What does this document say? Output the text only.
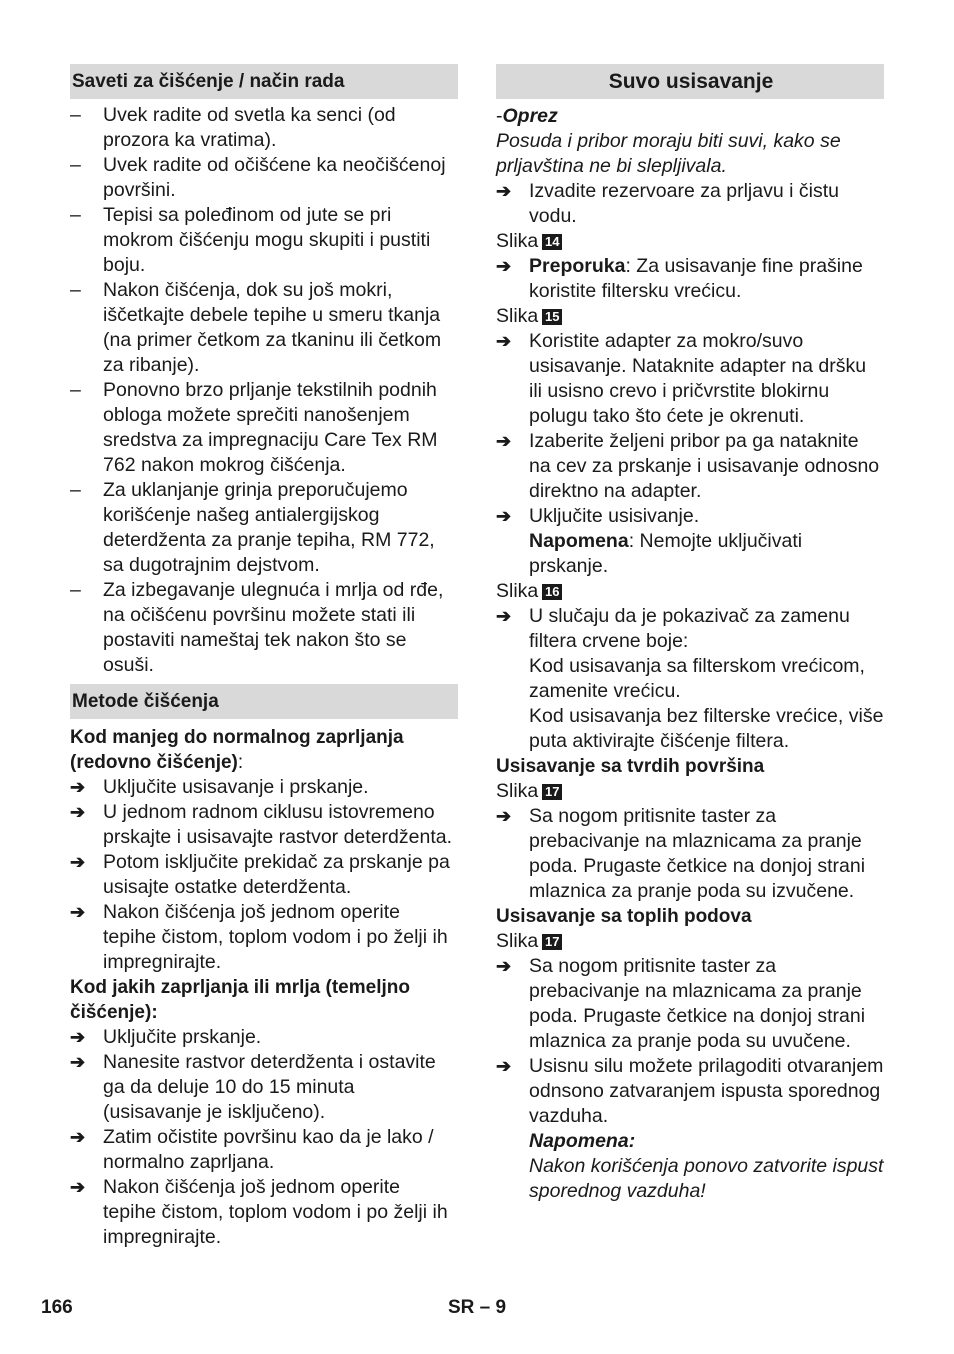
Saveti za čišćenje / način rada
–	Uvek radite od svetla ka senci (od prozora ka vratima).
–	Uvek radite od očišćene ka neočišćenoj površini.
–	Tepisi sa poleđinom od jute se pri mokrom čišćenju mogu skupiti i pustiti boju.
–	Nakon čišćenja, dok su još mokri, iščetkajte debele tepihe u smeru tkanja (na primer četkom za tkaninu ili četkom za ribanje).
–	Ponovno brzo prljanje tekstilnih podnih obloga možete sprečiti nanošenjem sredstva za impregnaciju Care Tex RM 762 nakon mokrog čišćenja.
–	Za uklanjanje grinja preporučujemo korišćenje našeg antialergijskog deterdženta za pranje tepiha, RM 772, sa dugotrajnim dejstvom.
–	Za izbegavanje ulegnuća i mrlja od rđe, na očišćenu površinu možete stati ili postaviti nameštaj tek nakon što se osuši.
Metode čišćenja
Kod manjeg do normalnog zaprljanja (redovno čišćenje):
➔ Uključite usisavanje i prskanje.
➔ U jednom radnom ciklusu istovremeno prskajte i usisavajte rastvor deterdženta.
➔ Potom isključite prekidač za prskanje pa usisajte ostatke deterdženta.
➔ Nakon čišćenja još jednom operite tepihe čistom, toplom vodom i po želji ih impregnirajte.
Kod jakih zaprljanja ili mrlja (temeljno čišćenje):
➔ Uključite prskanje.
➔ Nanesite rastvor deterdženta i ostavite ga da deluje 10 do 15 minuta (usisavanje je isključeno).
➔ Zatim očistite površinu kao da je lako / normalno zaprljana.
➔ Nakon čišćenja još jednom operite tepihe čistom, toplom vodom i po želji ih impregnirajte.
Suvo usisavanje
-Oprez
Posuda i pribor moraju biti suvi, kako se prljavština ne bi slepljivala.
➔ Izvadite rezervoare za prljavu i čistu vodu.
Slika 14
➔ Preporuka: Za usisavanje fine prašine koristite filtersku vrećicu.
Slika 15
➔ Koristite adapter za mokro/suvo usisavanje. Nataknite adapter na dršku ili usisno crevo i pričvrstite blokirnu polugu tako što ćete je okrenuti.
➔ Izaberite željeni pribor pa ga nataknite na cev za prskanje i usisavanje odnosno direktno na adapter.
➔ Uključite usisivanje.
Napomena: Nemojte uključivati prskanje.
Slika 16
➔ U slučaju da je pokazivač za zamenu filtera crvene boje:
Kod usisavanja sa filterskom vrećicom, zamenite vrećicu.
Kod usisavanja bez filterske vrećice, više puta aktivirajte čišćenje filtera.
Usisavanje sa tvrdih površina
Slika 17
➔ Sa nogom pritisnite taster za prebacivanje na mlaznicama za pranje poda. Prugaste četkice na donjoj strani mlaznica za pranje poda su izvučene.
Usisavanje sa toplih podova
Slika 17
➔ Sa nogom pritisnite taster za prebacivanje na mlaznicama za pranje poda. Prugaste četkice na donjoj strani mlaznica za pranje poda su uvučene.
➔ Usisnu silu možete prilagoditi otvaranjem odnsono zatvaranjem ispusta sporednog vazduha.
Napomena:
Nakon korišćenja ponovo zatvorite ispust sporednog vazduha!
166	SR – 9
